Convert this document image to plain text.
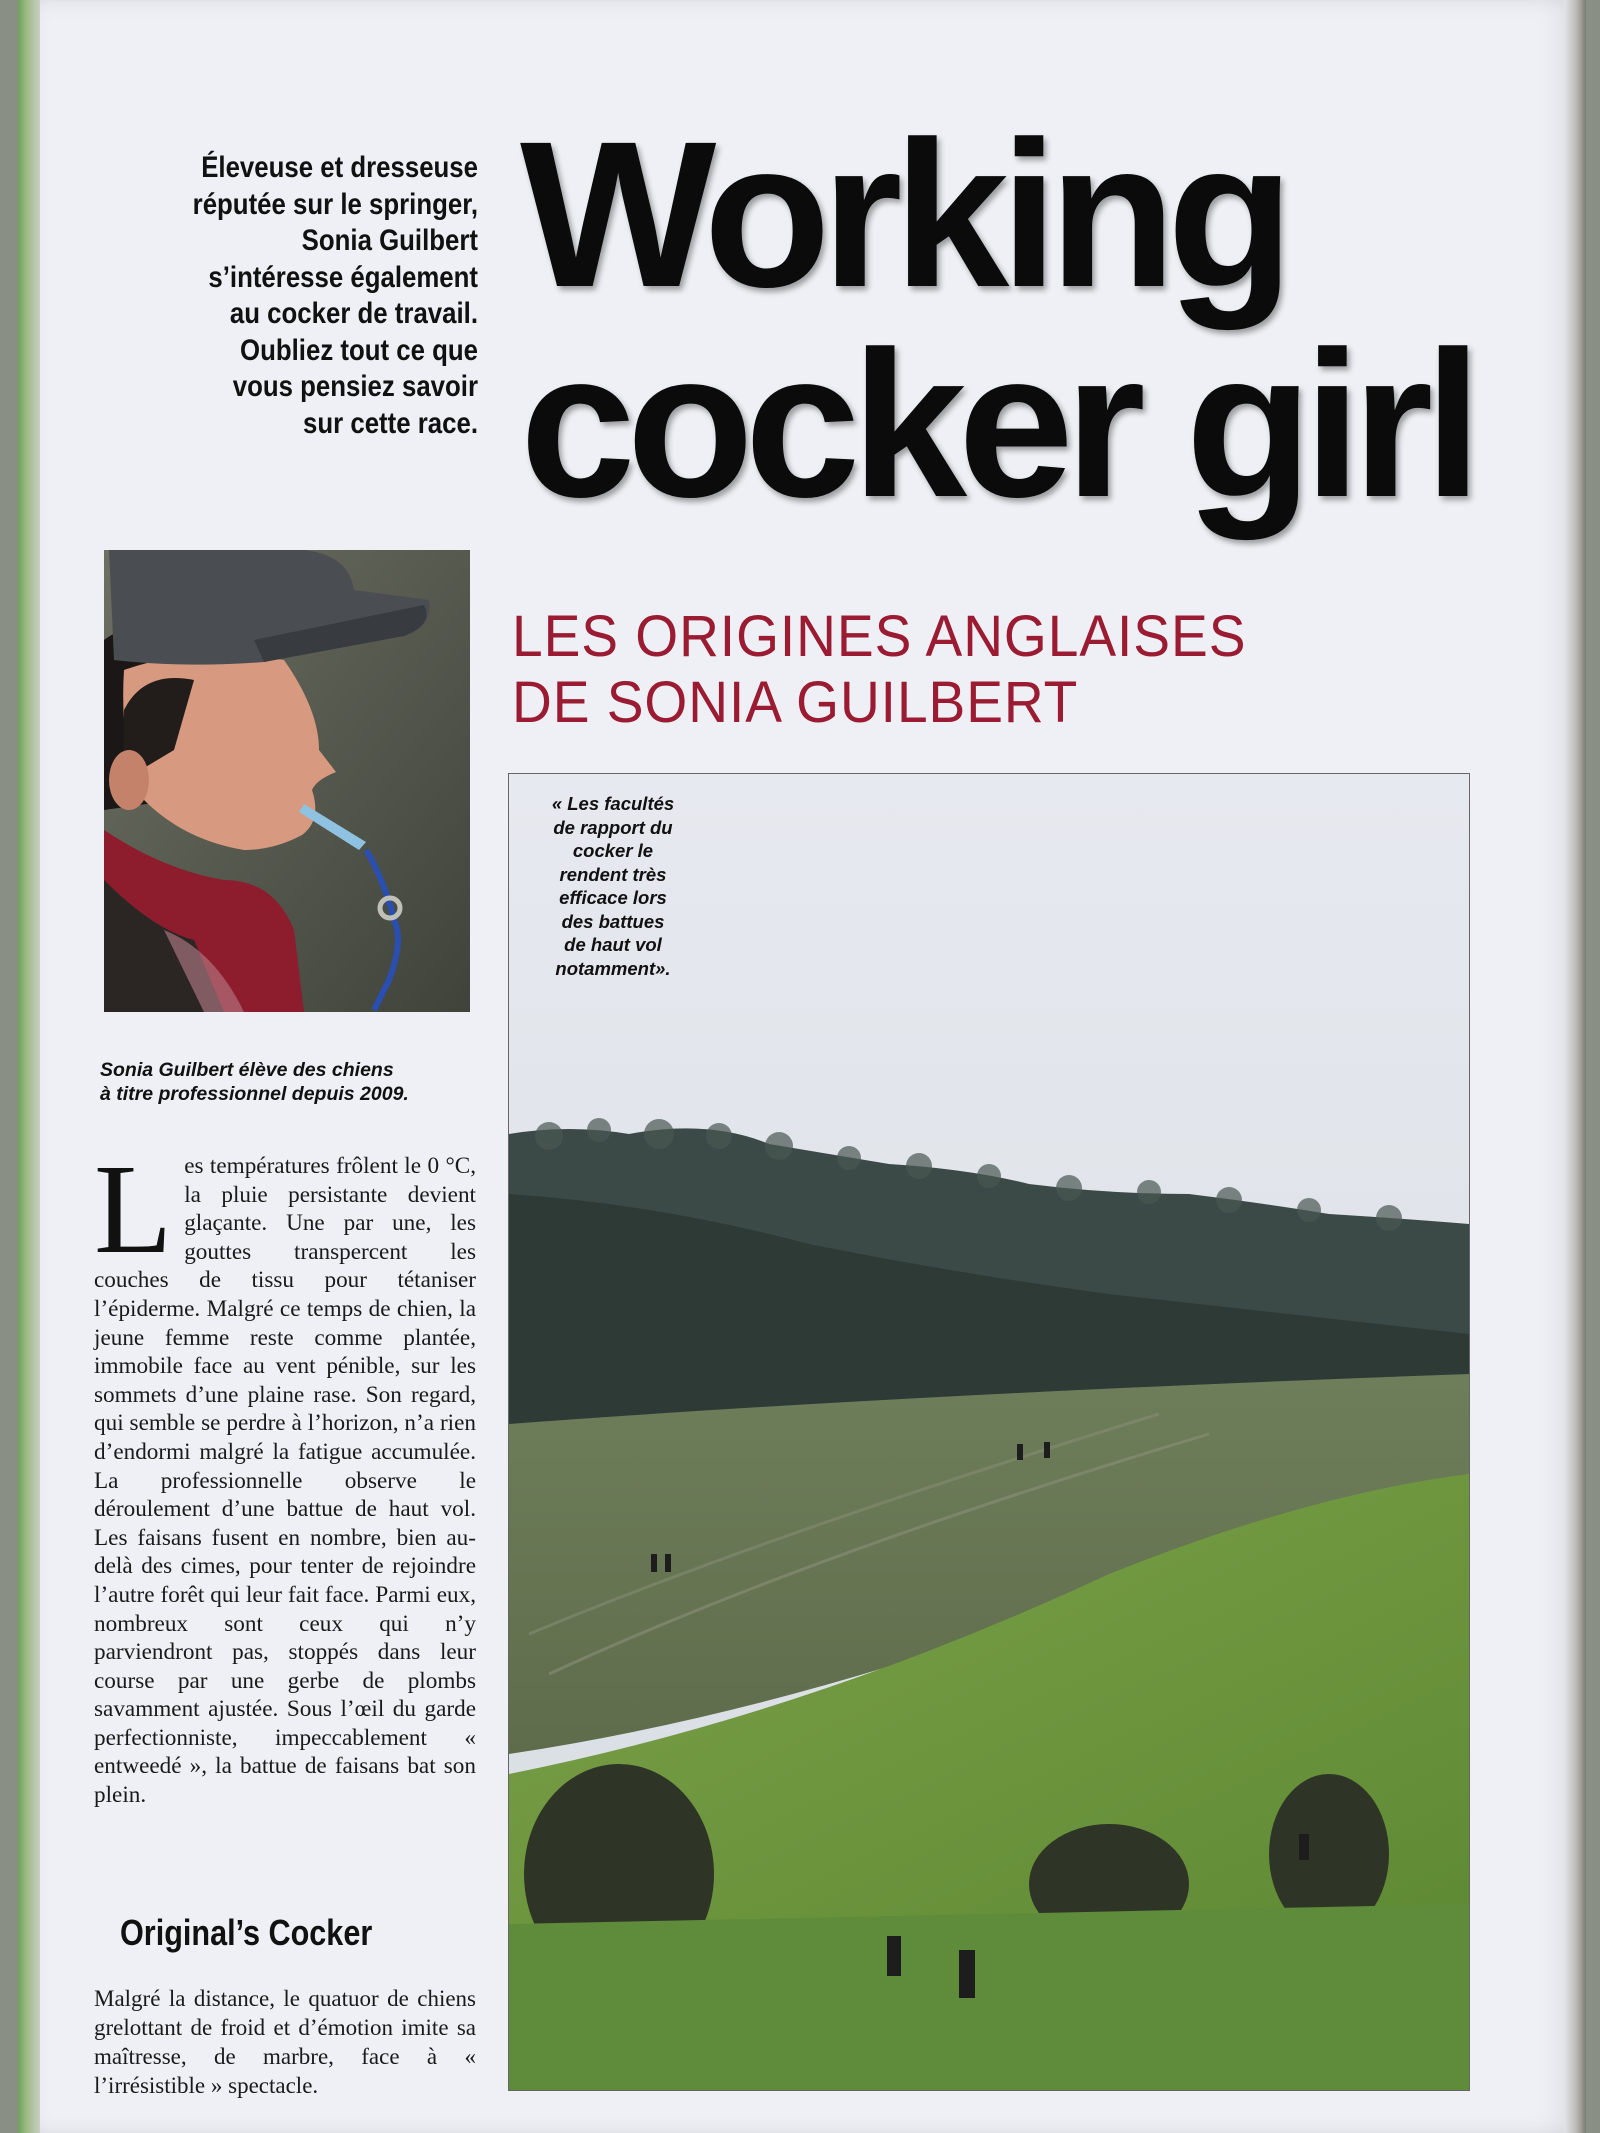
Éleveuse et dresseuse
réputée sur le springer,
Sonia Guilbert
s’intéresse également
au cocker de travail.
Oubliez tout ce que
vous pensiez savoir
sur cette race.
Working
cocker girl
LES ORIGINES ANGLAISES
DE SONIA GUILBERT
Sonia Guilbert élève des chiens
à titre professionnel depuis 2009.
L es températures frôlent le 0 °C, la pluie persistante devient glaçante. Une par une, les gouttes transpercent les couches de tissu pour tétaniser l’épiderme. Malgré ce temps de chien, la jeune femme reste comme plantée, immobile face au vent pénible, sur les sommets d’une plaine rase. Son regard, qui semble se perdre à l’horizon, n’a rien d’endormi malgré la fatigue accumulée. La professionnelle observe le déroulement d’une battue de haut vol. Les faisans fusent en nombre, bien au-delà des cimes, pour tenter de rejoindre l’autre forêt qui leur fait face. Parmi eux, nombreux sont ceux qui n’y parviendront pas, stoppés dans leur course par une gerbe de plombs savamment ajustée. Sous l’œil du garde perfectionniste, impeccablement « entweedé », la battue de faisans bat son plein.
Original’s Cocker
Malgré la distance, le quatuor de chiens grelottant de froid et d’émotion imite sa maîtresse, de marbre, face à « l’irrésistible » spectacle.
« Les facultés
de rapport du
cocker le
rendent très
efficace lors
des battues
de haut vol
notamment».
